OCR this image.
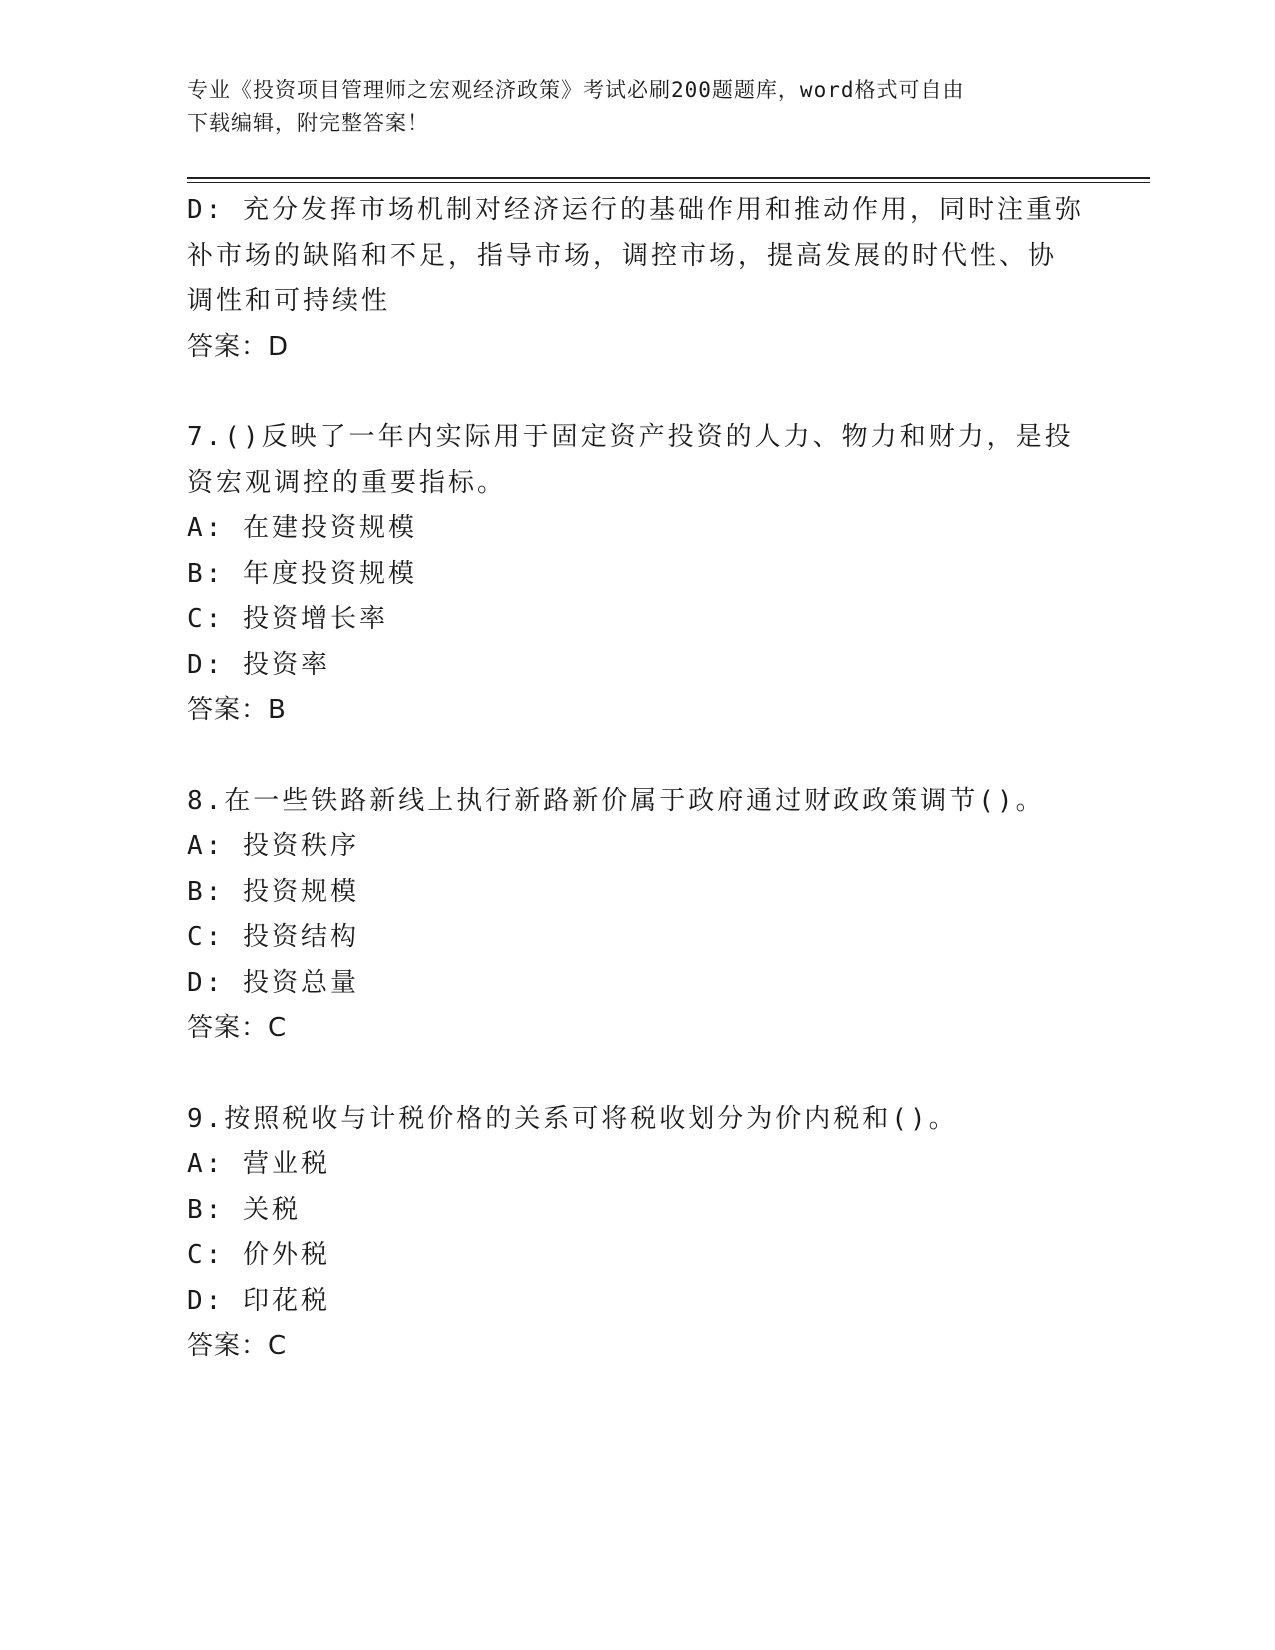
专业《投资项目管理师之宏观经济政策》考试必刷200题题库，word格式可自由
下载编辑，附完整答案！
D: 充分发挥市场机制对经济运行的基础作用和推动作用，同时注重弥
补市场的缺陷和不足，指导市场，调控市场，提高发展的时代性、协
调性和可持续性
答案：D
7.()反映了一年内实际用于固定资产投资的人力、物力和财力，是投
资宏观调控的重要指标。
A: 在建投资规模
B: 年度投资规模
C: 投资增长率
D: 投资率
答案：B
8.在一些铁路新线上执行新路新价属于政府通过财政政策调节()。
A: 投资秩序
B: 投资规模
C: 投资结构
D: 投资总量
答案：C
9.按照税收与计税价格的关系可将税收划分为价内税和()。
A: 营业税
B: 关税
C: 价外税
D: 印花税
答案：C
